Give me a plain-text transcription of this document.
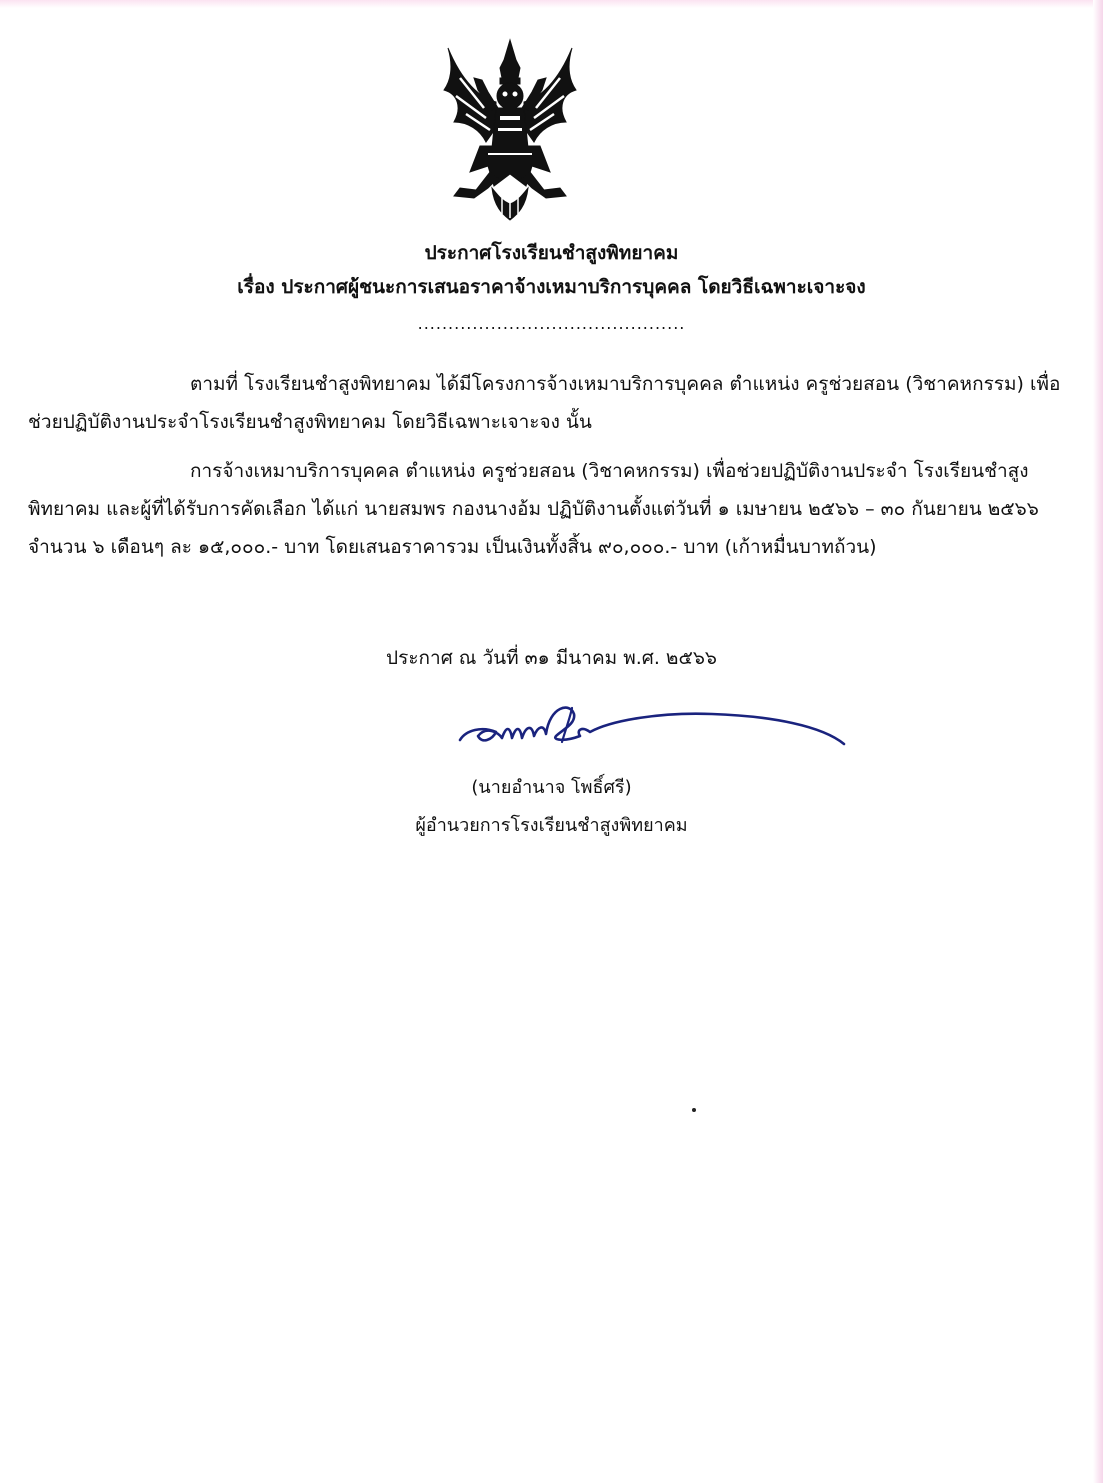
ประกาศโรงเรียนชำสูงพิทยาคม
เรื่อง ประกาศผู้ชนะการเสนอราคาจ้างเหมาบริการบุคคล โดยวิธีเฉพาะเจาะจง
............................................
ตามที่ โรงเรียนชำสูงพิทยาคม ได้มีโครงการจ้างเหมาบริการบุคคล ตำแหน่ง ครูช่วยสอน (วิชาคหกรรม) เพื่อช่วยปฏิบัติงานประจำโรงเรียนชำสูงพิทยาคม โดยวิธีเฉพาะเจาะจง นั้น
การจ้างเหมาบริการบุคคล ตำแหน่ง ครูช่วยสอน (วิชาคหกรรม) เพื่อช่วยปฏิบัติงานประจำ โรงเรียนชำสูงพิทยาคม และผู้ที่ได้รับการคัดเลือก ได้แก่ นายสมพร กองนางอ้ม ปฏิบัติงานตั้งแต่วันที่ ๑ เมษายน ๒๕๖๖ – ๓๐ กันยายน ๒๕๖๖ จำนวน ๖ เดือนๆ ละ ๑๕,๐๐๐.- บาท โดยเสนอราคารวม เป็นเงินทั้งสิ้น ๙๐,๐๐๐.- บาท (เก้าหมื่นบาทถ้วน)
ประกาศ ณ วันที่ ๓๑ มีนาคม พ.ศ. ๒๕๖๖
(นายอำนาจ โพธิ์ศรี)
ผู้อำนวยการโรงเรียนชำสูงพิทยาคม
